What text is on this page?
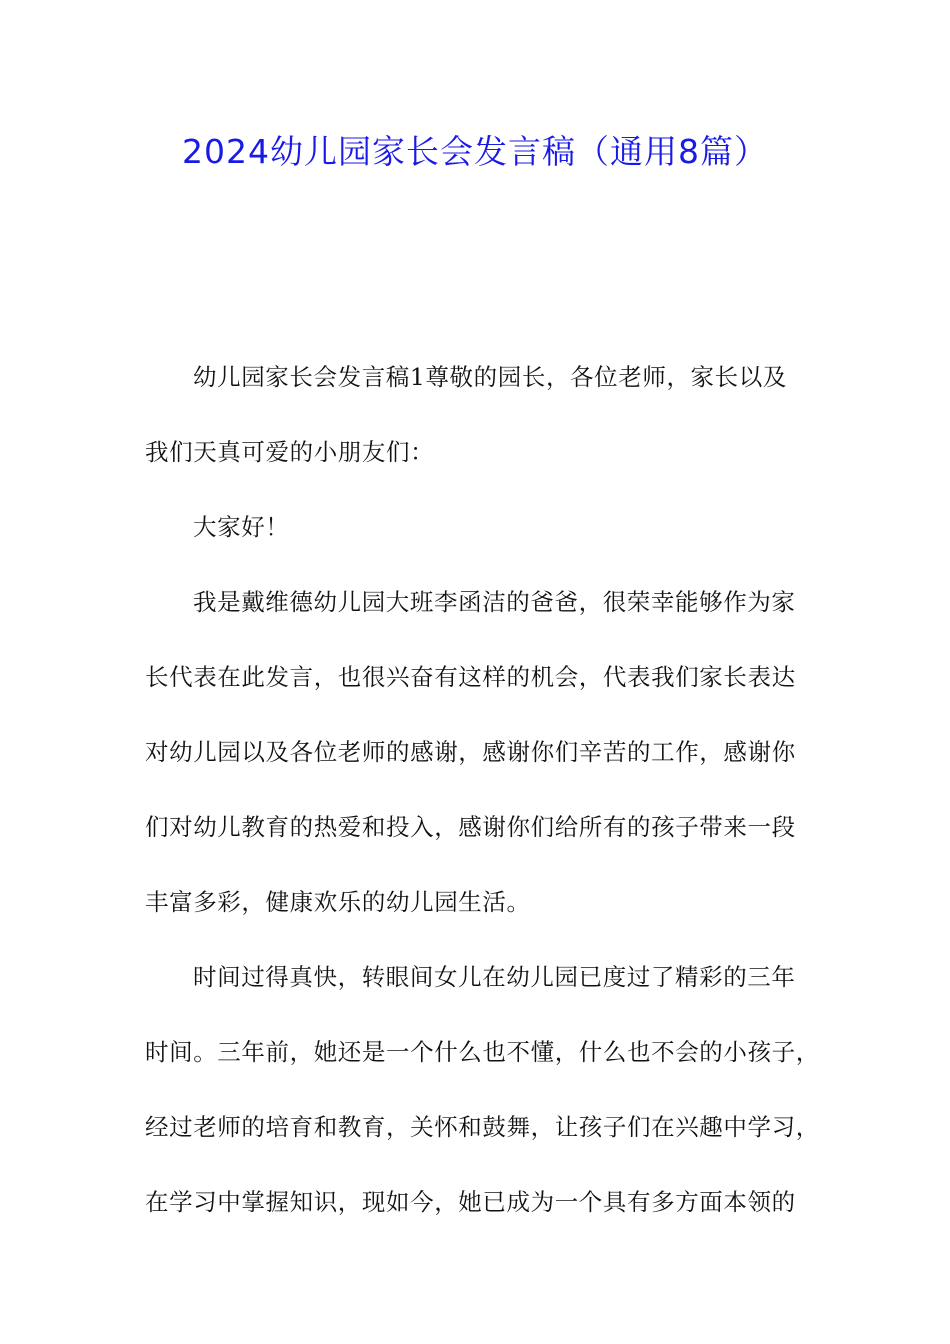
2024幼儿园家长会发言稿（通用8篇）
幼儿园家长会发言稿1尊敬的园长，各位老师，家长以及
我们天真可爱的小朋友们：
大家好！
我是戴维德幼儿园大班李函洁的爸爸，很荣幸能够作为家
长代表在此发言，也很兴奋有这样的机会，代表我们家长表达
对幼儿园以及各位老师的感谢，感谢你们辛苦的工作，感谢你
们对幼儿教育的热爱和投入，感谢你们给所有的孩子带来一段
丰富多彩，健康欢乐的幼儿园生活。
时间过得真快，转眼间女儿在幼儿园已度过了精彩的三年
时间。三年前，她还是一个什么也不懂，什么也不会的小孩子，
经过老师的培育和教育，关怀和鼓舞，让孩子们在兴趣中学习，
在学习中掌握知识，现如今，她已成为一个具有多方面本领的
